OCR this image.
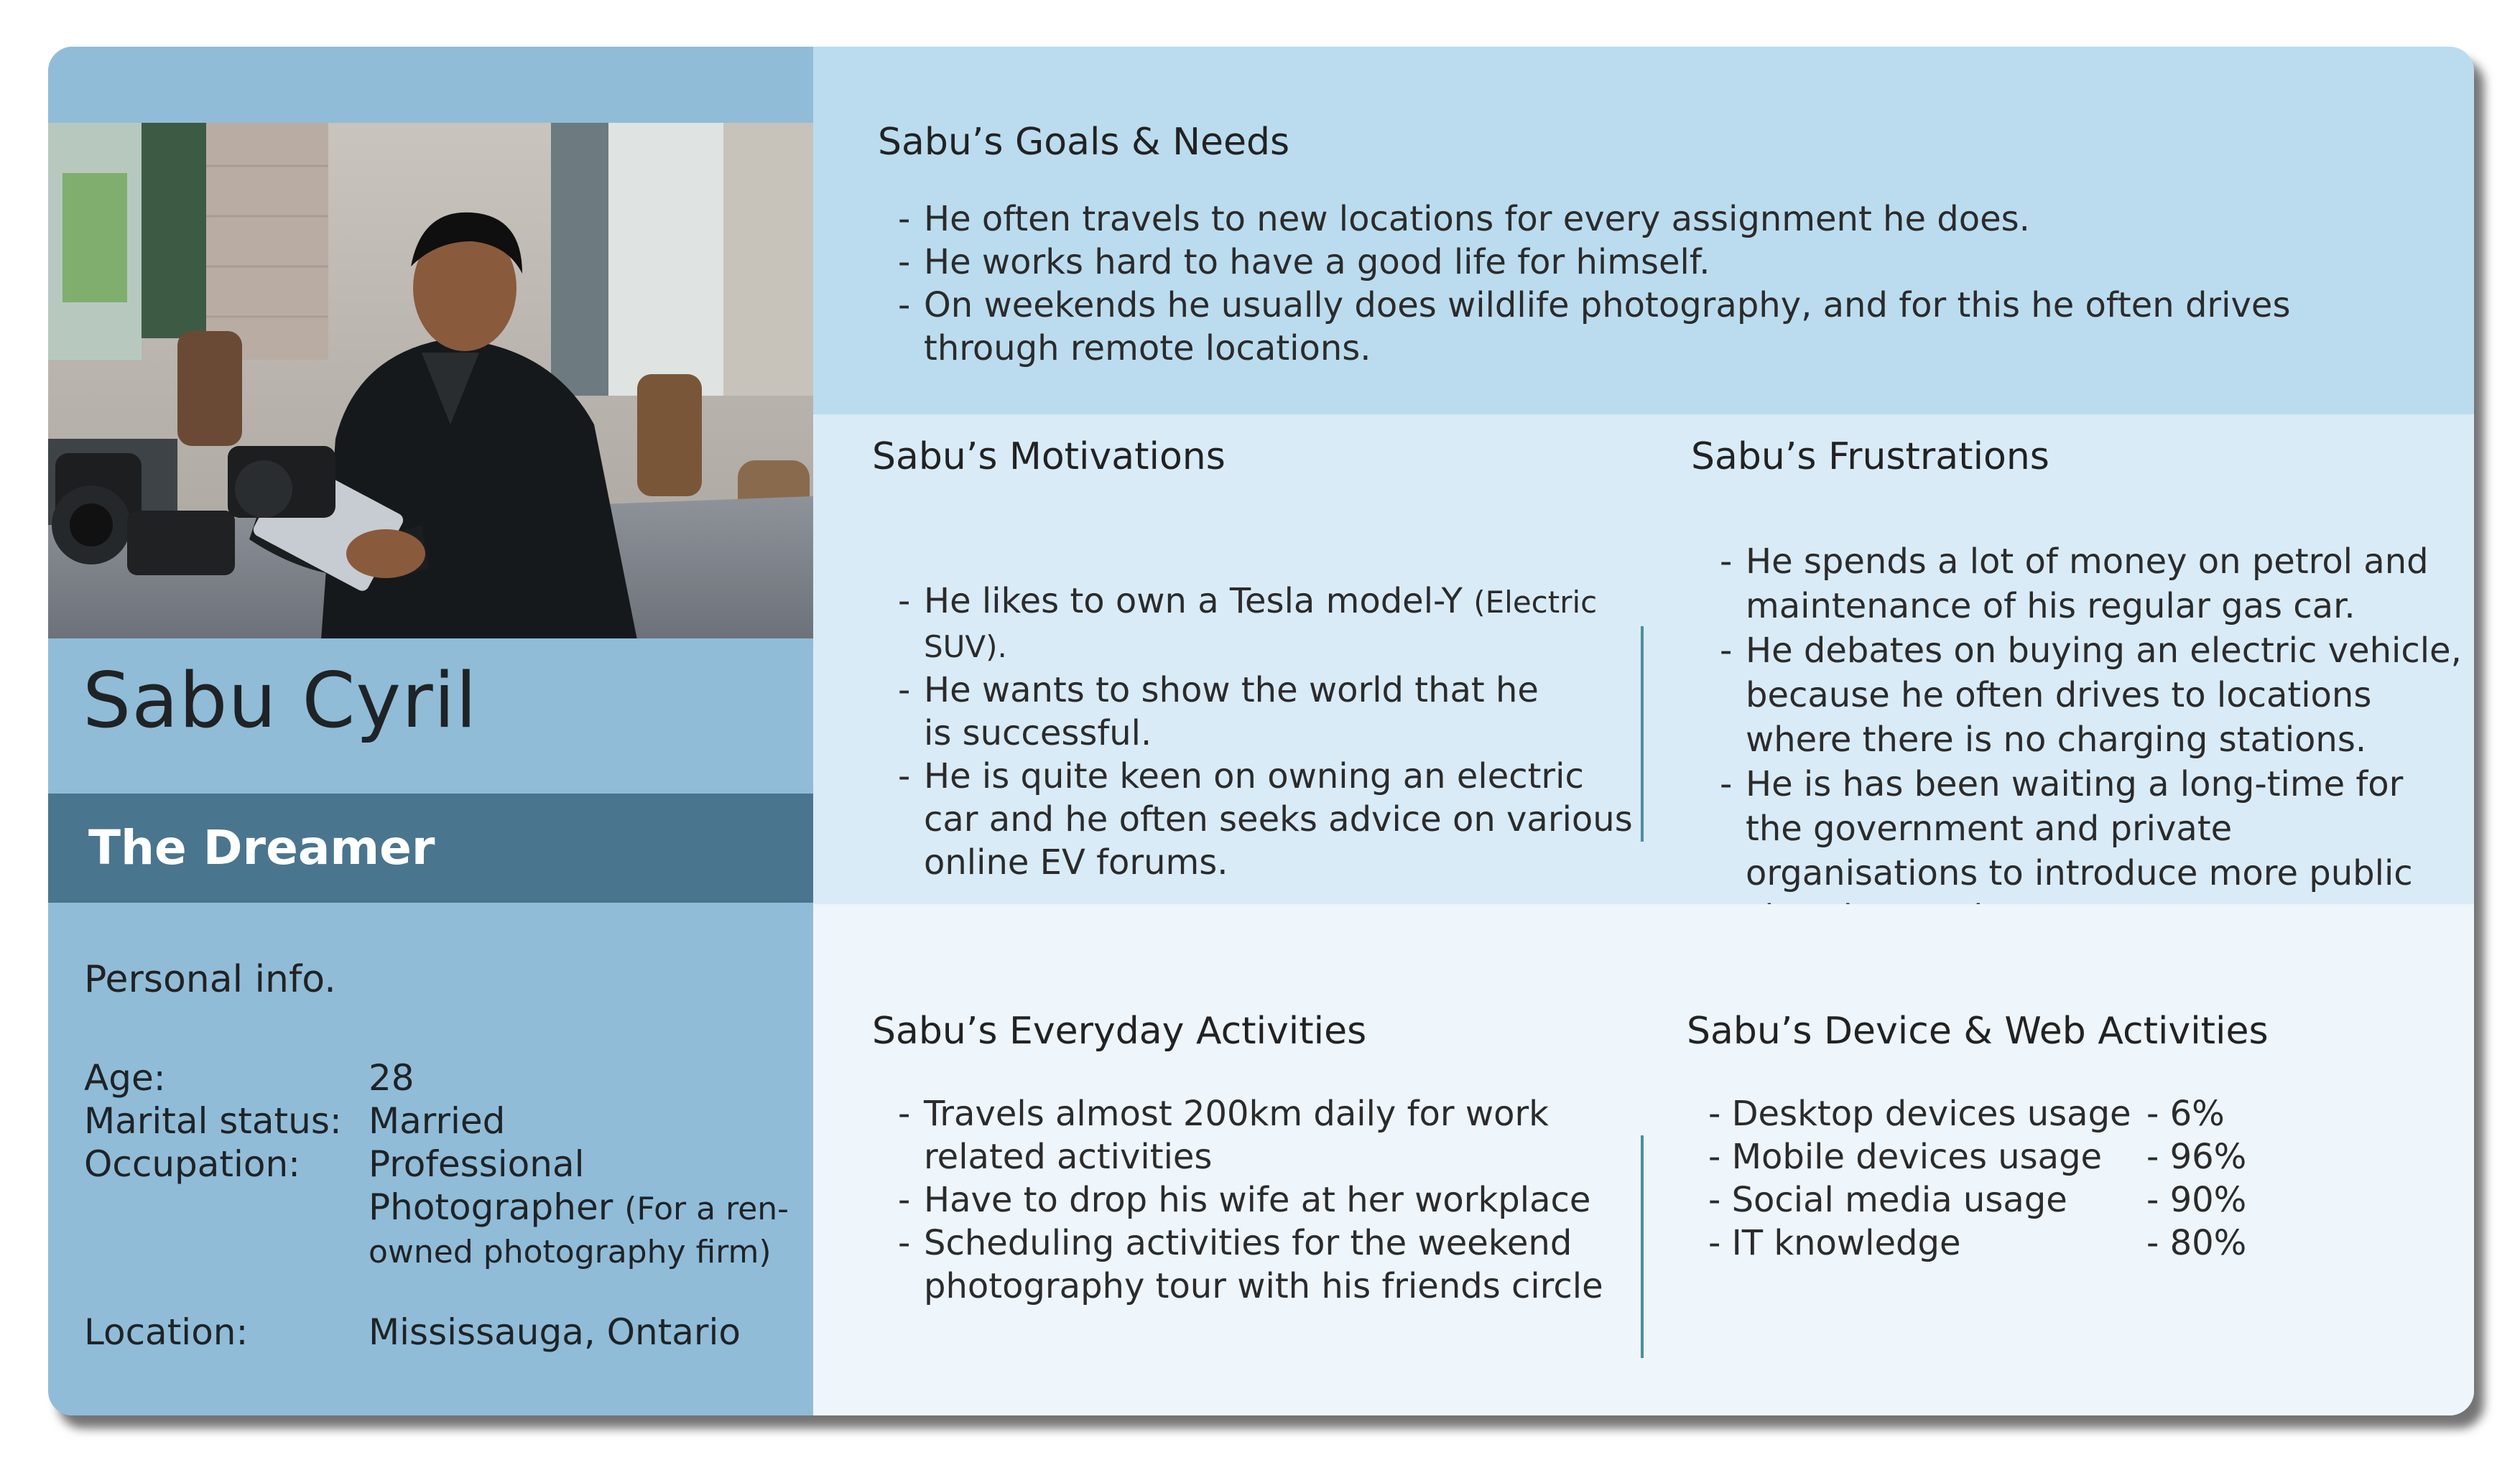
Sabu Cyril
The Dreamer
Personal info.
Age:	28
Marital status: Married
Occupation: Professional
Photographer (For a ren-
owned photography firm)
Location:	Mississauga, Ontario
Sabu’s Goals & Needs
- He often travels to new locations for every assignment he does.
- He works hard to have a good life for himself.
- On weekends he usually does wildlife photography, and for this he often drives through remote locations.
Sabu’s Motivations
- He likes to own a Tesla model-Y (Electric SUV).
- He wants to show the world that he is successful.
- He is quite keen on owning an electric car and he often seeks advice on various online EV forums.
Sabu’s Frustrations
- He spends a lot of money on petrol and maintenance of his regular gas car.
- He debates on buying an electric vehicle, because he often drives to locations where there is no charging stations.
- He is has been waiting a long-time for the government and private organisations to introduce more public
Sabu’s Everyday Activities
- Travels almost 200km daily for work related activities
- Have to drop his wife at her workplace
- Scheduling activities for the weekend photography tour with his friends circle
Sabu’s Device & Web Activities
- Desktop devices usage - 6%
- Mobile devices usage - 96%
- Social media usage - 90%
- IT knowledge	- 80%
